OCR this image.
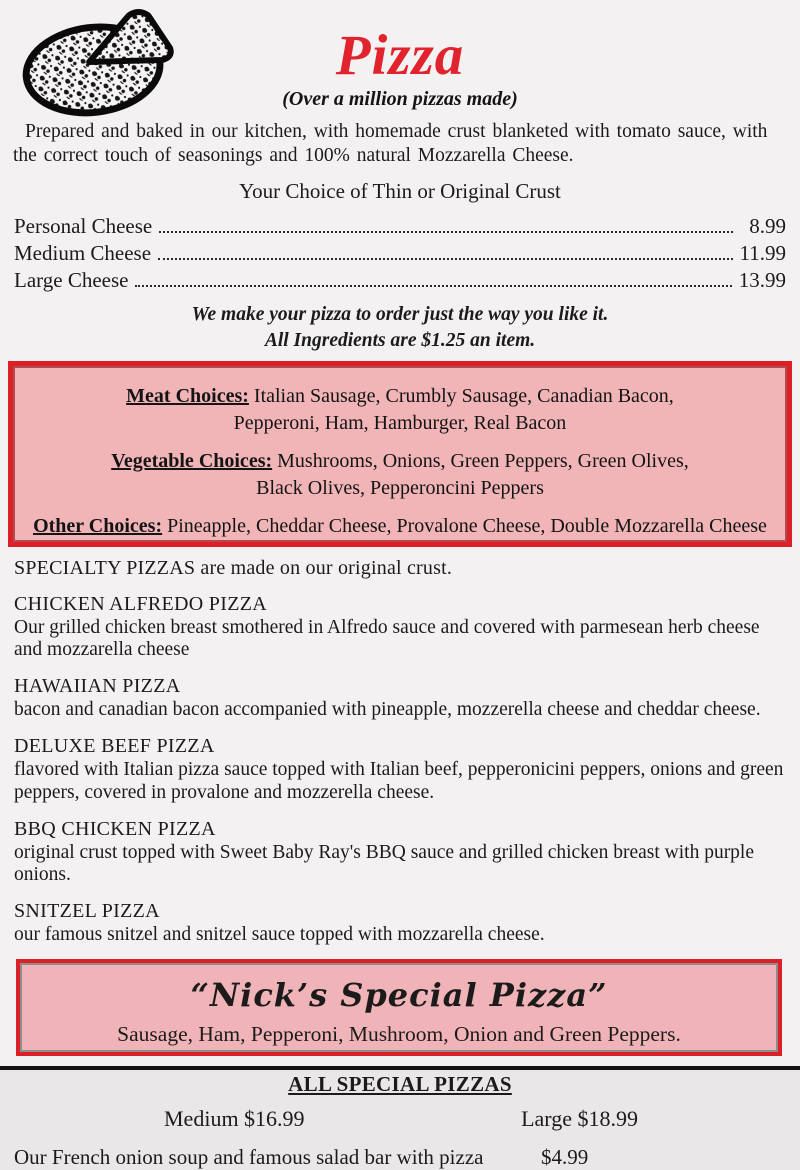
Pizza
(Over a million pizzas made)

Prepared and baked in our kitchen, with homemade crust blanketed with tomato sauce, with the correct touch of seasonings and 100% natural Mozzarella Cheese.

Your Choice of Thin or Original Crust
Personal Cheese	8.99
Medium Cheese	11.99
Large Cheese	13.99
We make your pizza to order just the way you like it.
All Ingredients are $1.25 an item.
Meat Choices: Italian Sausage, Crumbly Sausage, Canadian Bacon, Pepperoni, Ham, Hamburger, Real Bacon
Vegetable Choices: Mushrooms, Onions, Green Peppers, Green Olives, Black Olives, Pepperoncini Peppers
Other Choices: Pineapple, Cheddar Cheese, Provalone Cheese, Double Mozzarella Cheese
SPECIALTY PIZZAS are made on our original crust.
CHICKEN ALFREDO PIZZA
Our grilled chicken breast smothered in Alfredo sauce and covered with parmesean herb cheese and mozzarella cheese
HAWAIIAN PIZZA
bacon and canadian bacon accompanied with pineapple, mozzerella cheese and cheddar cheese.
DELUXE BEEF PIZZA
flavored with Italian pizza sauce topped with Italian beef, pepperonicini peppers, onions and green peppers, covered in provalone and mozzerella cheese.
BBQ CHICKEN PIZZA
original crust topped with Sweet Baby Ray's BBQ sauce and grilled chicken breast with purple onions.
SNITZEL PIZZA
our famous snitzel and snitzel sauce topped with mozzarella cheese.
“Nick’s Special Pizza”
Sausage, Ham, Pepperoni, Mushroom, Onion and Green Peppers.
ALL SPECIAL PIZZAS
Medium $16.99	Large $18.99
Our French onion soup and famous salad bar with pizza	$4.99
